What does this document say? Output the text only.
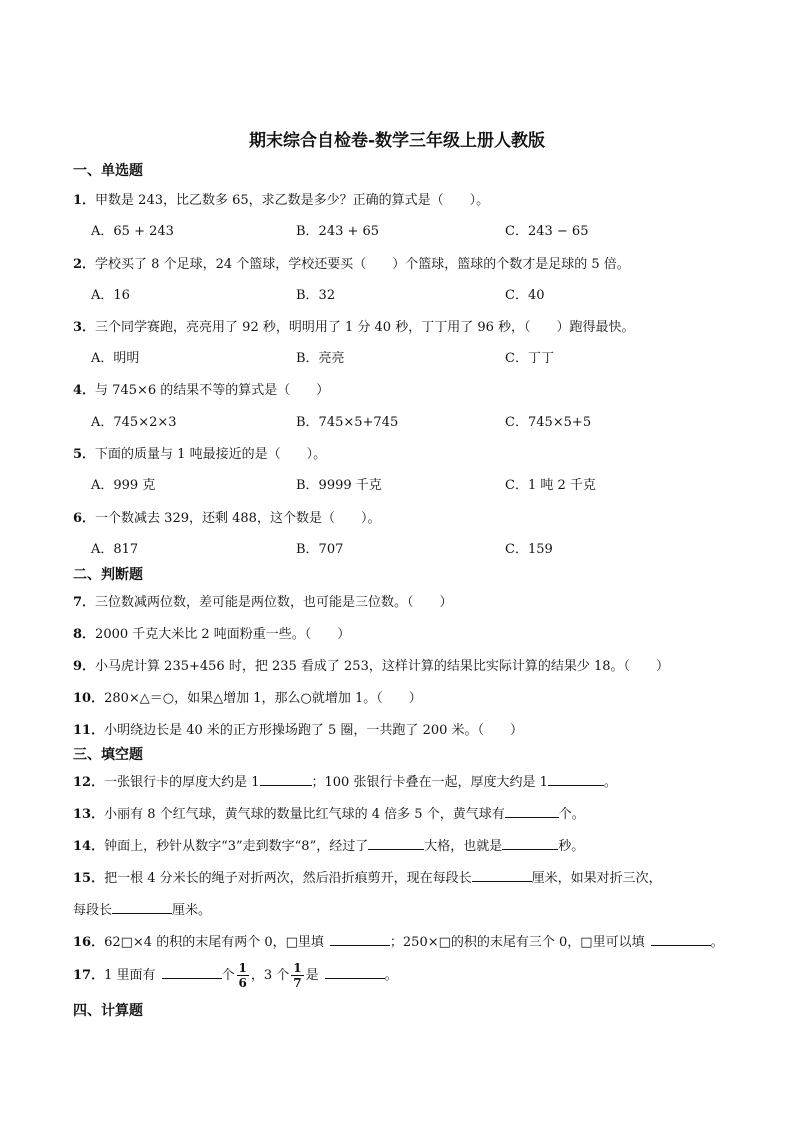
期末综合自检卷-数学三年级上册人教版
一、单选题
1．甲数是 243，比乙数多 65，求乙数是多少？正确的算式是（　　）。
A．65 + 243	B．243 + 65	C．243 − 65
2．学校买了 8 个足球，24 个篮球，学校还要买（　　）个篮球，篮球的个数才是足球的 5 倍。
A．16	B．32	C．40
3．三个同学赛跑，亮亮用了 92 秒，明明用了 1 分 40 秒，丁丁用了 96 秒，（　　）跑得最快。
A．明明	B．亮亮	C．丁丁
4．与 745×6 的结果不等的算式是（　　）
A．745×2×3	B．745×5+745	C．745×5+5
5．下面的质量与 1 吨最接近的是（　　）。
A．999 克	B．9999 千克	C．1 吨 2 千克
6．一个数减去 329，还剩 488，这个数是（　　）。
A．817	B．707	C．159
二、判断题
7．三位数减两位数，差可能是两位数，也可能是三位数。（　　）
8．2000 千克大米比 2 吨面粉重一些。（　　）
9．小马虎计算 235+456 时，把 235 看成了 253，这样计算的结果比实际计算的结果少 18。（　　）
10．280×△＝○，如果△增加 1，那么○就增加 1。（　　）
11．小明绕边长是 40 米的正方形操场跑了 5 圈，一共跑了 200 米。（　　）
三、填空题
12．一张银行卡的厚度大约是 1	；100 张银行卡叠在一起，厚度大约是 1	。
13．小丽有 8 个红气球，黄气球的数量比红气球的 4 倍多 5 个，黄气球有	个。
14．钟面上，秒针从数字“3”走到数字“8”，经过了	大格，也就是	秒。
15．把一根 4 分米长的绳子对折两次，然后沿折痕剪开，现在每段长	厘米，如果对折三次，
每段长	厘米。
16．62□×4 的积的末尾有两个 0，□里填	；250×□的积的末尾有三个 0，□里可以填	。
17．1 里面有	个 $\frac{1}{6}$ ，3 个 $\frac{1}{7}$ 是	。
四、计算题
